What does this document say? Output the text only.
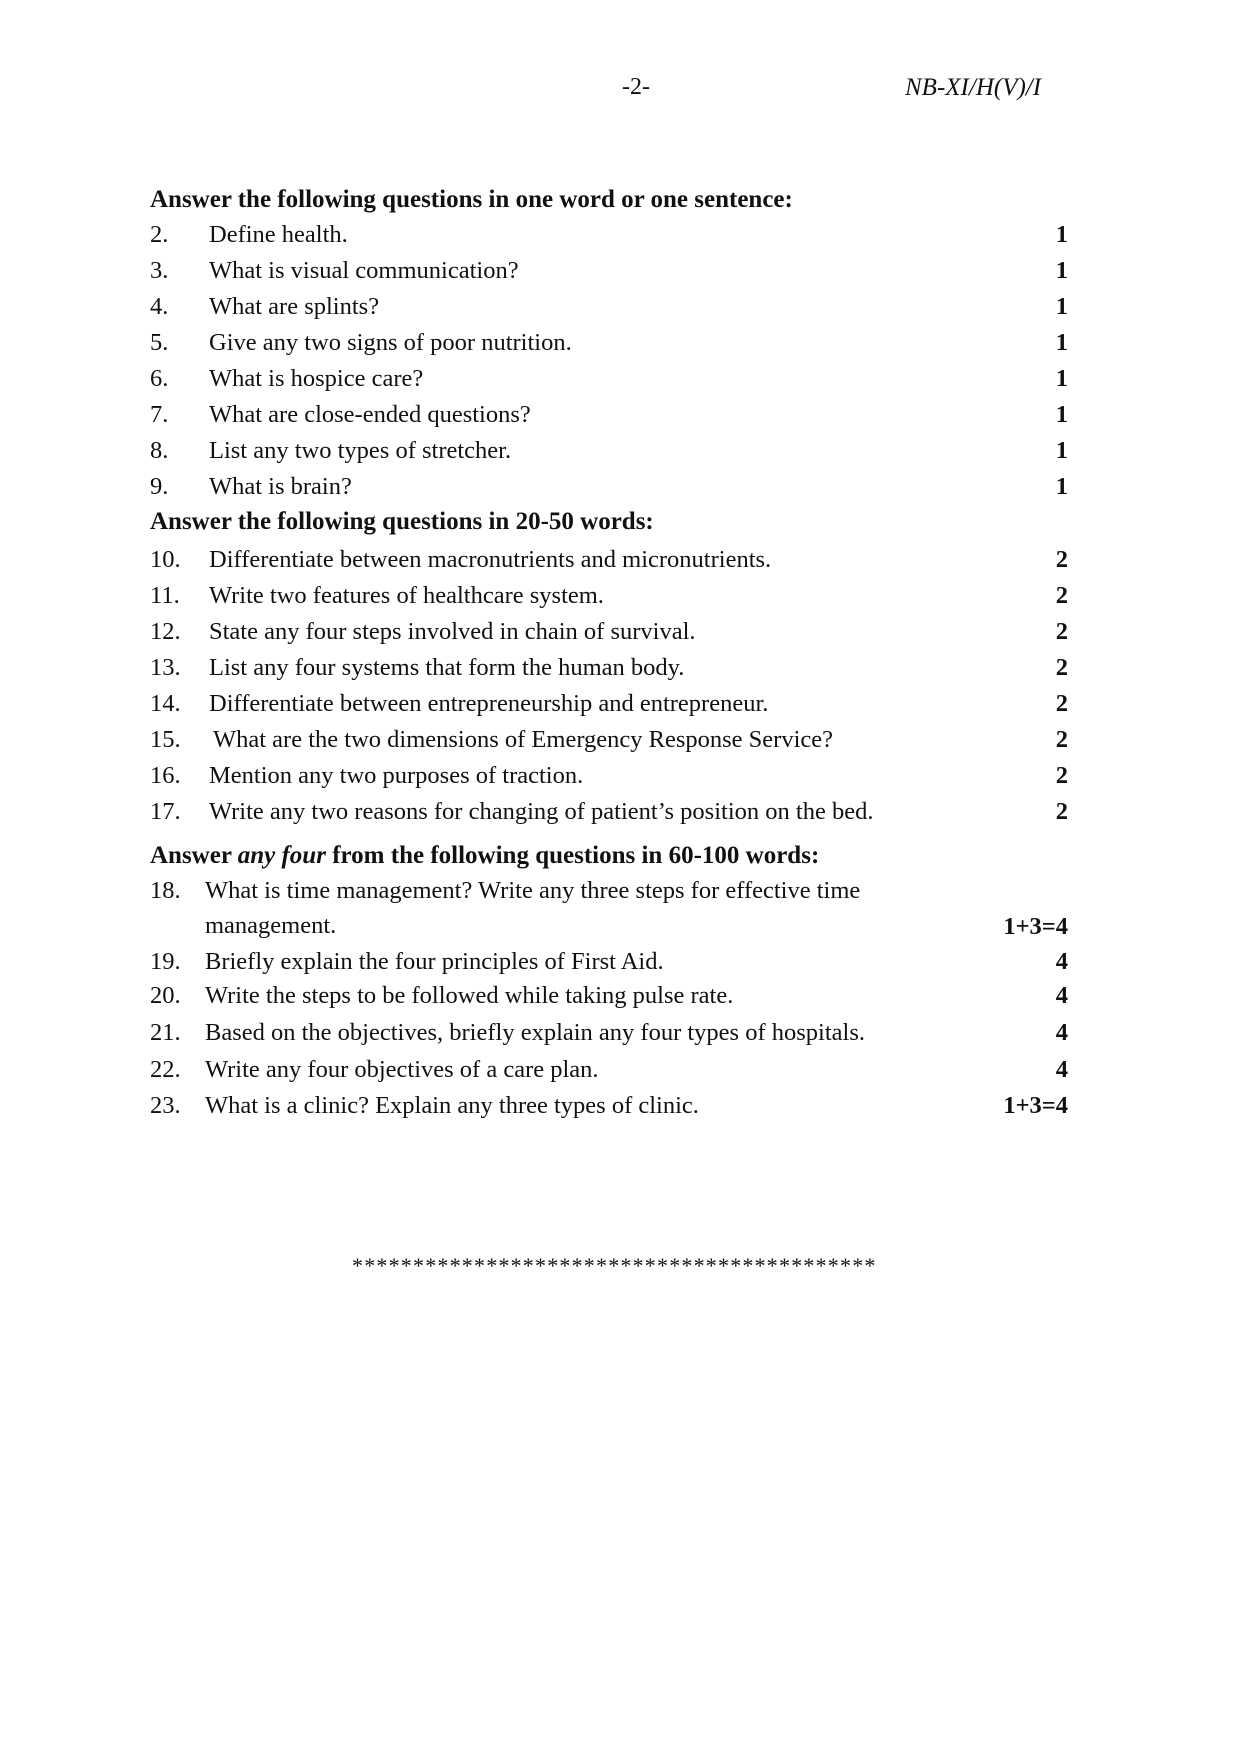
-2-	NB-XI/H(V)/I
Answer the following questions in one word or one sentence:
2. Define health.	1
3. What is visual communication?	1
4. What are splints?	1
5. Give any two signs of poor nutrition.	1
6. What is hospice care?	1
7. What are close-ended questions?	1
8. List any two types of stretcher.	1
9. What is brain?	1
Answer the following questions in 20-50 words:
10. Differentiate between macronutrients and micronutrients.	2
11. Write two features of healthcare system.	2
12. State any four steps involved in chain of survival.	2
13. List any four systems that form the human body.	2
14. Differentiate between entrepreneurship and entrepreneur.	2
15. What are the two dimensions of Emergency Response Service?	2
16. Mention any two purposes of traction.	2
17. Write any two reasons for changing of patient’s position on the bed.	2
Answer any four from the following questions in 60-100 words:
18. What is time management? Write any three steps for effective time
management.	1+3=4
19. Briefly explain the four principles of First Aid.	4
20. Write the steps to be followed while taking pulse rate.	4
21. Based on the objectives, briefly explain any four types of hospitals.	4
22. Write any four objectives of a care plan.	4
23. What is a clinic? Explain any three types of clinic.	1+3=4
*******************************************
